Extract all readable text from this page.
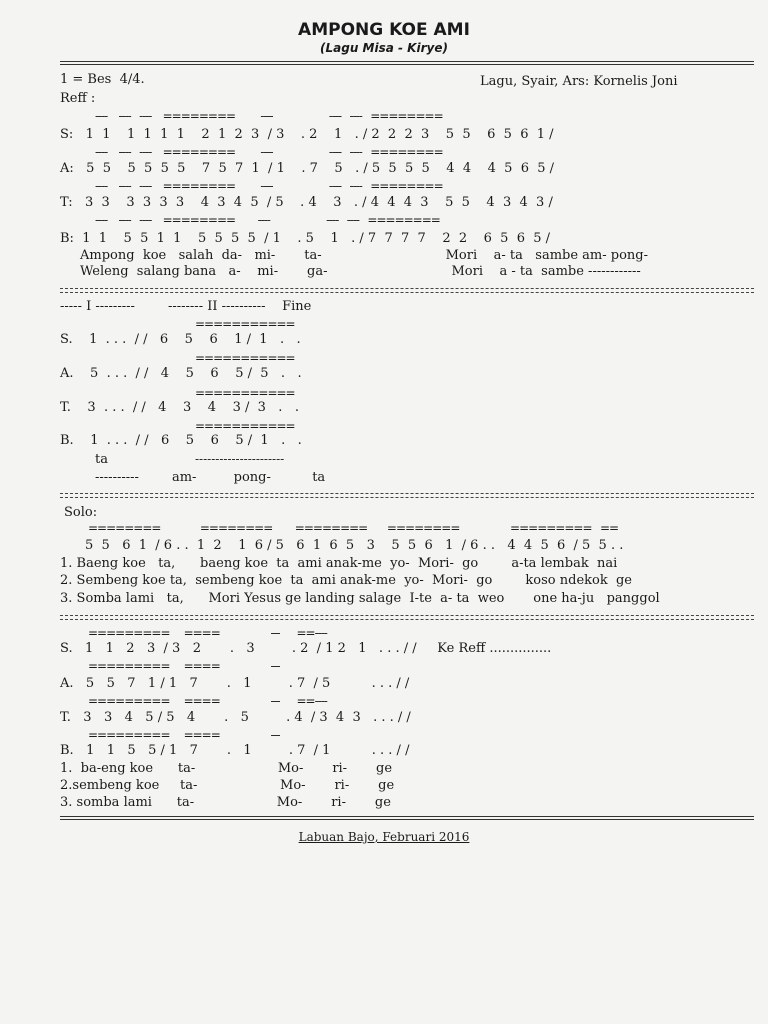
AMPONG KOE AMI
(Lagu Misa - Kirye)
1 = Bes  4/4.	Lagu, Syair, Ars: Kornelis Joni
Reff :
----    ----   ----    ========         ----                    ----   ----   ========
S:   1  1    1  1  1  1    2  1  2  3  / 3    . 2    1   . / 2  2  2  3    5  5    6  5  6  1 /
----    ----   ----    ========         ----                    ----   ----   ========
A:   5  5    5  5  5  5    7  5  7  1  / 1    . 7    5   . / 5  5  5  5    4  4    4  5  6  5 /
----    ----   ----    ========         ----                    ----   ----   ========
T:   3  3    3  3  3  3    4  3  4  5  / 5    . 4    3   . / 4  4  4  3    5  5    4  3  4  3 /
----    ----   ----    ========        ----                    ----   ----   ========
B:  1  1    5  5  1  1    5  5  5  5  / 1    . 5    1   . / 7  7  7  7    2  2    6  5  6  5 /
Ampong  koe   salah  da-   mi-       ta-                              Mori    a- ta   sambe am- pong-
Weleng  salang bana   a-    mi-       ga-                              Mori    a - ta  sambe ------------
----- I ---------        -------- II ----------    Fine
===========
S.    1  . . .  / /   6    5    6    1 /  1   .   .
===========
A.    5  . . .  / /   4    5    6    5 /  5   .   .
===========
T.    3  . . .  / /   4    3    4    3 /  3   .   .
===========
B.    1  . . .  / /   6    5    6    5 /  1   .   .
ta	----------------------
----------        am-         pong-          ta
Solo:
========              ========        ========       ========                  =========   ==
5  5   6  1  / 6 . .  1  2    1  6 / 5   6  1  6  5   3    5  5  6   1  / 6 . .   4  4  5  6  / 5  5 . .
1. Baeng koe   ta,      baeng koe  ta  ami anak-me  yo-  Mori-  go        a-ta lembak  nai
2. Sembeng koe ta,  sembeng koe  ta  ami anak-me  yo-  Mori-  go        koso ndekok  ge
3. Somba lami   ta,      Mori Yesus ge landing salage  I-te  a- ta  weo       one ha-ju   panggol
=========     ====                  ---      ==----
S.   1   1   2   3  / 3   2       .   3         . 2  / 1 2   1   . . . / /     Ke Reff ...............
=========     ====                  ---
A.   5   5   7   1 / 1   7       .   1         . 7  / 5          . . . / /
=========     ====                  ---      ==----
T.   3   3   4   5 / 5   4       .   5         . 4  / 3  4  3   . . . / /
=========     ====                  ---
B.   1   1   5   5 / 1   7       .   1         . 7  / 1          . . . / /
1.  ba-eng koe      ta-                    Mo-       ri-       ge
2.sembeng koe     ta-                    Mo-       ri-       ge
3. somba lami      ta-                    Mo-       ri-       ge
Labuan Bajo, Februari 2016
